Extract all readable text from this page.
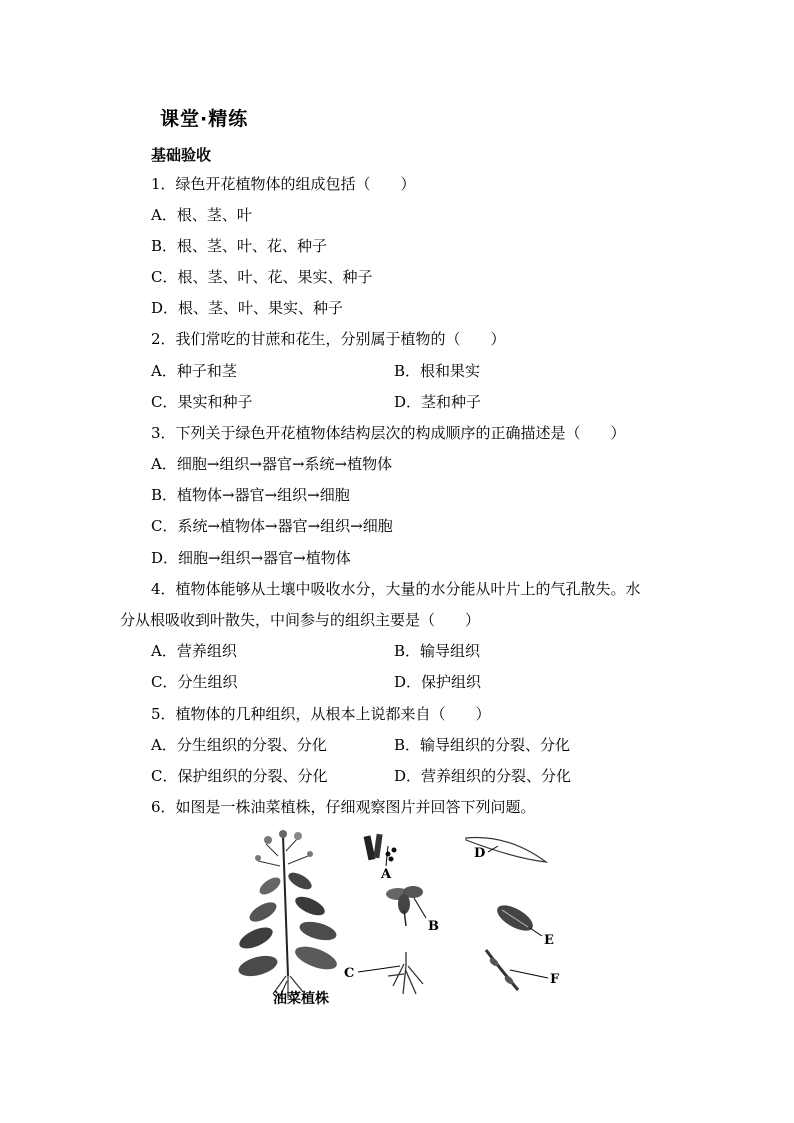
课堂·精练
基础验收
1．绿色开花植物体的组成包括（　　）
A．根、茎、叶
B．根、茎、叶、花、种子
C．根、茎、叶、花、果实、种子
D．根、茎、叶、果实、种子
2．我们常吃的甘蔗和花生，分别属于植物的（　　）
A．种子和茎	B．根和果实
C．果实和种子	D．茎和种子
3．下列关于绿色开花植物体结构层次的构成顺序的正确描述是（　　）
A．细胞→组织→器官→系统→植物体
B．植物体→器官→组织→细胞
C．系统→植物体→器官→组织→细胞
D．细胞→组织→器官→植物体
4．植物体能够从土壤中吸收水分，大量的水分能从叶片上的气孔散失。水
分从根吸收到叶散失，中间参与的组织主要是（　　）
A．营养组织	B．输导组织
C．分生组织	D．保护组织
5．植物体的几种组织，从根本上说都来自（　　）
A．分生组织的分裂、分化	B．输导组织的分裂、分化
C．保护组织的分裂、分化	D．营养组织的分裂、分化
6．如图是一株油菜植株，仔细观察图片并回答下列问题。
A
B
C
D
E
F
油菜植株
